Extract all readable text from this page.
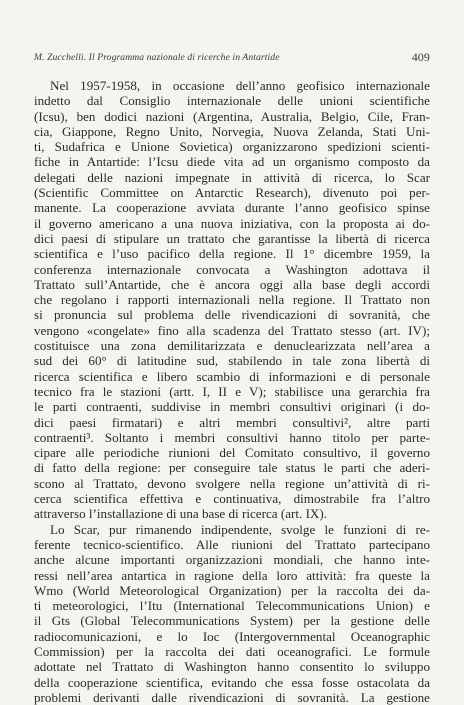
M. Zucchelli. Il Programma nazionale di ricerche in Antartide	409
Nel 1957-1958, in occasione dell’anno geofisico internazionale
indetto dal Consiglio internazionale delle unioni scientifiche
(Icsu), ben dodici nazioni (Argentina, Australia, Belgio, Cile, Fran-
cia, Giappone, Regno Unito, Norvegia, Nuova Zelanda, Stati Uni-
ti, Sudafrica e Unione Sovietica) organizzarono spedizioni scienti-
fiche in Antartide: l’Icsu diede vita ad un organismo composto da
delegati delle nazioni impegnate in attività di ricerca, lo Scar
(Scientific Committee on Antarctic Research), divenuto poi per-
manente. La cooperazione avviata durante l’anno geofisico spinse
il governo americano a una nuova iniziativa, con la proposta ai do-
dici paesi di stipulare un trattato che garantisse la libertà di ricerca
scientifica e l’uso pacifico della regione. Il 1° dicembre 1959, la
conferenza internazionale convocata a Washington adottava il
Trattato sull’Antartide, che è ancora oggi alla base degli accordi
che regolano i rapporti internazionali nella regione. Il Trattato non
si pronuncia sul problema delle rivendicazioni di sovranità, che
vengono «congelate» fino alla scadenza del Trattato stesso (art. IV);
costituisce una zona demilitarizzata e denuclearizzata nell’area a
sud dei 60° di latitudine sud, stabilendo in tale zona libertà di
ricerca scientifica e libero scambio di informazioni e di personale
tecnico fra le stazioni (artt. I, II e V); stabilisce una gerarchia fra
le parti contraenti, suddivise in membri consultivi originari (i do-
dici paesi firmatari) e altri membri consultivi², altre parti
contraenti³. Soltanto i membri consultivi hanno titolo per parte-
cipare alle periodiche riunioni del Comitato consultivo, il governo
di fatto della regione: per conseguire tale status le parti che aderi-
scono al Trattato, devono svolgere nella regione un’attività di ri-
cerca scientifica effettiva e continuativa, dimostrabile fra l’altro
attraverso l’installazione di una base di ricerca (art. IX).
Lo Scar, pur rimanendo indipendente, svolge le funzioni di re-
ferente tecnico-scientifico. Alle riunioni del Trattato partecipano
anche alcune importanti organizzazioni mondiali, che hanno inte-
ressi nell’area antartica in ragione della loro attività: fra queste la
Wmo (World Meteorological Organization) per la raccolta dei da-
ti meteorologici, l’Itu (International Telecommunications Union) e
il Gts (Global Telecommunications System) per la gestione delle
radiocomunicazioni, e lo Ioc (Intergovernmental Oceanographic
Commission) per la raccolta dei dati oceanografici. Le formule
adottate nel Trattato di Washington hanno consentito lo sviluppo
della cooperazione scientifica, evitando che essa fosse ostacolata da
problemi derivanti dalle rivendicazioni di sovranità. La gestione
